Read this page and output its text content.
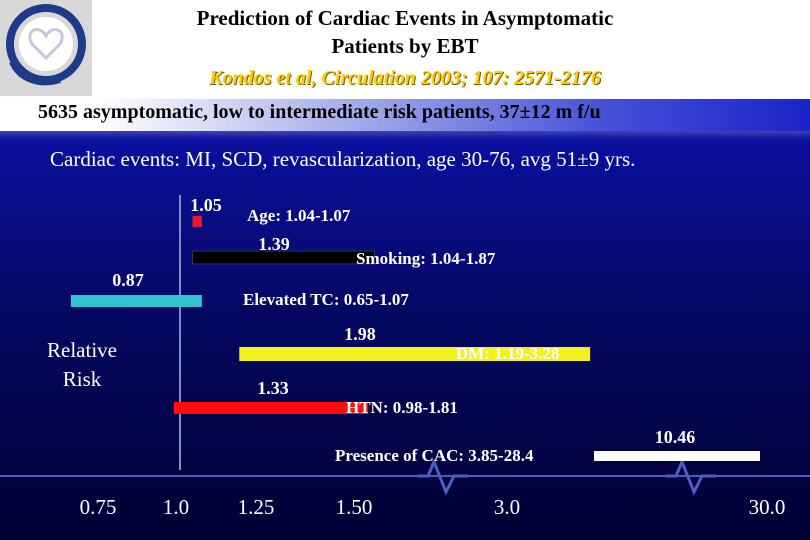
Prediction of Cardiac Events in Asymptomatic
Patients by EBT
Kondos et al, Circulation 2003; 107: 2571-2176
5635 asymptomatic, low to intermediate risk patients, 37±12 m f/u
Cardiac events: MI, SCD, revascularization, age 30-76, avg 51±9 yrs.
1.05
Age: 1.04-1.07
1.39
Smoking: 1.04-1.87
0.87
Elevated TC: 0.65-1.07
1.98
DM: 1.19-3.28
1.33
HTN: 0.98-1.81
10.46
Presence of CAC: 3.85-28.4
0.75 1.0 1.25	1.50	3.0	30.0
Relative
Risk
